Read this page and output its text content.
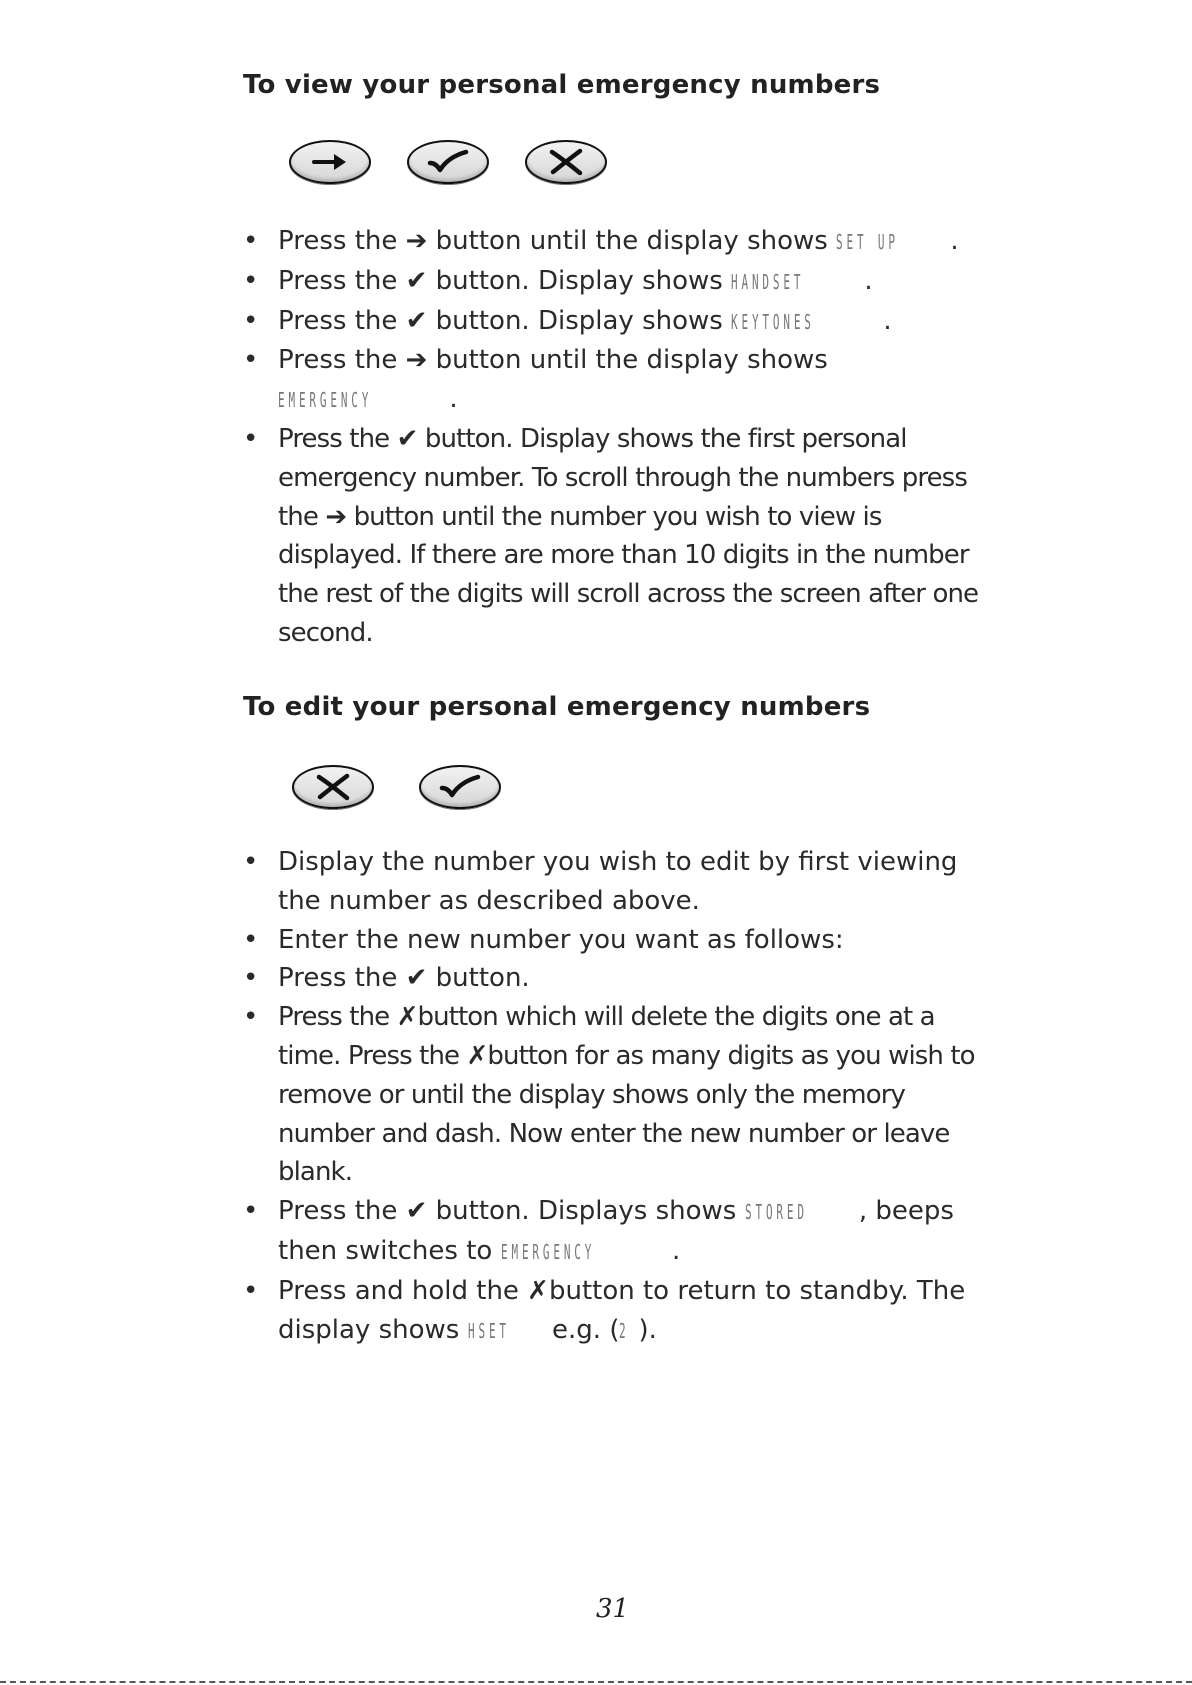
To view your personal emergency numbers
• Press the ➔ button until the display shows SET UP .
• Press the ✔ button. Display shows HANDSET .
• Press the ✔ button. Display shows KEYTONES	.
• Press the ➔ button until the display shows
EMERGENCY	.
• Press the ✔ button. Display shows the first personal emergency number. To scroll through the numbers press the ➔ button until the number you wish to view is displayed. If there are more than 10 digits in the number the rest of the digits will scroll across the screen after one second.
To edit your personal emergency numbers
• Display the number you wish to edit by first viewing the number as described above.
• Enter the new number you want as follows:
• Press the ✔ button.
• Press the ✗button which will delete the digits one at a time. Press the ✗button for as many digits as you wish to remove or until the display shows only the memory number and dash. Now enter the new number or leave blank.
• Press the ✔ button. Displays shows STORED , beeps then switches to EMERGENCY	.
• Press and hold the ✗button to return to standby. The display shows HSET e.g. (2 ).

31
